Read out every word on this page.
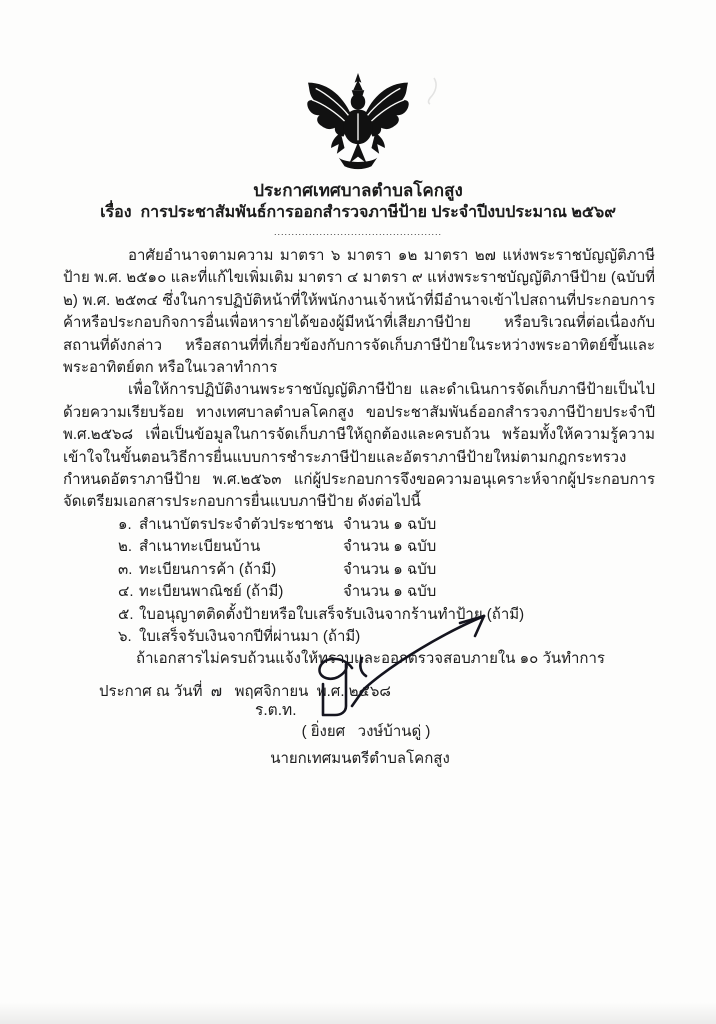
ประกาศเทศบาลตำบลโคกสูง
เรื่อง  การประชาสัมพันธ์การออกสำรวจภาษีป้าย ประจำปีงบประมาณ ๒๕๖๙
................................................

อาศัยอำนาจตามความ มาตรา ๖ มาตรา ๑๒ มาตรา ๒๗ แห่งพระราชบัญญัติภาษีป้าย พ.ศ. ๒๕๑๐ และที่แก้ไขเพิ่มเติม มาตรา ๔ มาตรา ๙ แห่งพระราชบัญญัติภาษีป้าย (ฉบับที่ ๒) พ.ศ. ๒๕๓๔ ซึ่งในการปฏิบัติหน้าที่ให้พนักงานเจ้าหน้าที่มีอำนาจเข้าไปสถานที่ประกอบการค้าหรือประกอบกิจการอื่นเพื่อหารายได้ของผู้มีหน้าที่เสียภาษีป้าย หรือบริเวณที่ต่อเนื่องกับสถานที่ดังกล่าว หรือสถานที่ที่เกี่ยวข้องกับการจัดเก็บภาษีป้ายในระหว่างพระอาทิตย์ขึ้นและพระอาทิตย์ตก หรือในเวลาทำการ

เพื่อให้การปฏิบัติงานพระราชบัญญัติภาษีป้าย และดำเนินการจัดเก็บภาษีป้ายเป็นไปด้วยความเรียบร้อย ทางเทศบาลตำบลโคกสูง ขอประชาสัมพันธ์ออกสำรวจภาษีป้ายประจำปี พ.ศ.๒๕๖๘ เพื่อเป็นข้อมูลในการจัดเก็บภาษีให้ถูกต้องและครบถ้วน พร้อมทั้งให้ความรู้ความเข้าใจในขั้นตอนวิธีการยื่นแบบการชำระภาษีป้ายและอัตราภาษีป้ายใหม่ตามกฎกระทรวงกำหนดอัตราภาษีป้าย พ.ศ.๒๕๖๓ แก่ผู้ประกอบการจึงขอความอนุเคราะห์จากผู้ประกอบการจัดเตรียมเอกสารประกอบการยื่นแบบภาษีป้าย ดังต่อไปนี้

๑. สำเนาบัตรประจำตัวประชาชน จำนวน ๑ ฉบับ
๒. สำเนาทะเบียนบ้าน	จำนวน ๑ ฉบับ
๓. ทะเบียนการค้า (ถ้ามี)	จำนวน ๑ ฉบับ
๔. ทะเบียนพาณิชย์ (ถ้ามี)	จำนวน ๑ ฉบับ
๕. ใบอนุญาตติดตั้งป้ายหรือใบเสร็จรับเงินจากร้านทำป้าย (ถ้ามี)
๖. ใบเสร็จรับเงินจากปีที่ผ่านมา (ถ้ามี)
ถ้าเอกสารไม่ครบถ้วนแจ้งให้ทราบและออกตรวจสอบภายใน ๑๐ วันทำการ
ประกาศ ณ วันที่  ๗   พฤศจิกายน  พ.ศ. ๒๕๖๘
ร.ต.ท.
( ยิ่งยศ   วงษ์บ้านดู่ )
นายกเทศมนตรีตำบลโคกสูง
